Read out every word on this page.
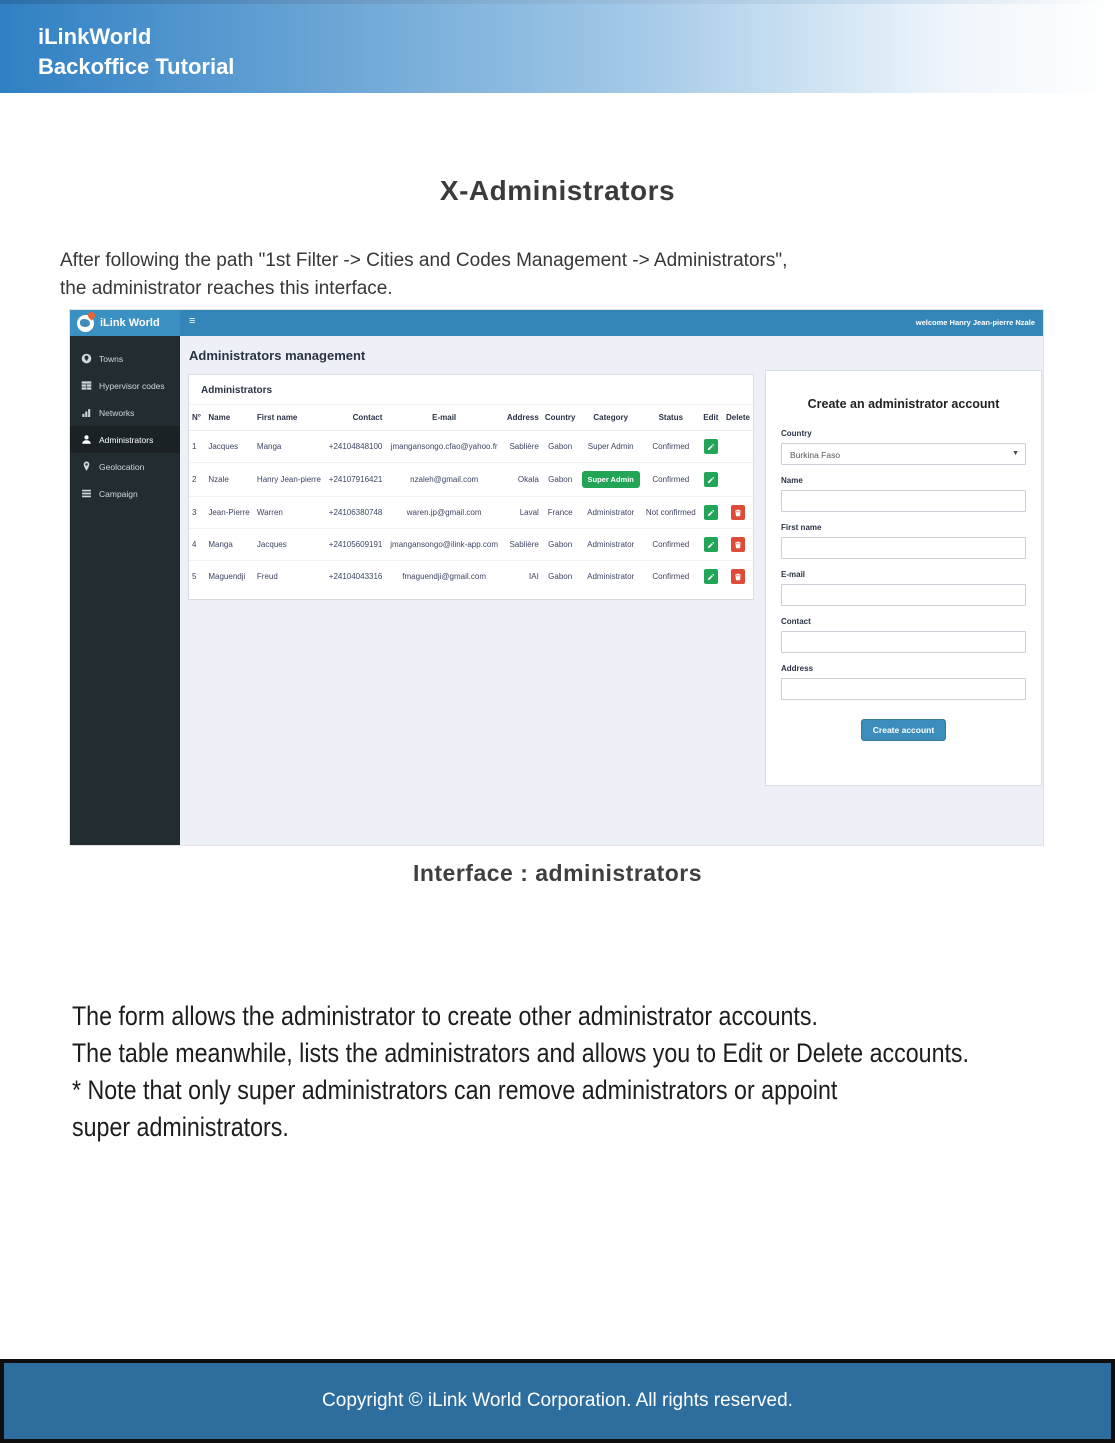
iLinkWorld
Backoffice Tutorial
X-Administrators
After following the path "1st Filter -> Cities and Codes Management -> Administrators",
the administrator reaches this interface.
iLink World	≡	welcome Hanry Jean-pierre Nzale
Towns
Hypervisor codes
Networks
Administrators
Geolocation
Campaign
Administrators management
Administrators
N°	Name	First name	Contact	E-mail	Address	Country	Category	Status	Edit	Delete
1	Jacques	Manga	+24104848100	jmangansongo.cfao@yahoo.fr	Sablière	Gabon	Super Admin	Confirmed	

2	Nzale	Hanry Jean-pierre	+24107916421	nzaleh@gmail.com	Okala	Gabon	Super Admin	Confirmed	

3	Jean-Pierre	Warren	+24106380748	waren.jp@gmail.com	Laval	France	Administrator	Not confirmed	

4	Manga	Jacques	+24105609191	jmangansongo@ilink-app.com	Sablière	Gabon	Administrator	Confirmed	

5	Maguendji	Freud	+24104043316	fmaguendji@gmail.com	IAI	Gabon	Administrator	Confirmed	

Create an administrator account
Country
Burkina Faso	▼
Name
First name
E-mail
Contact
Address
Create account
Interface : administrators
The form allows the administrator to create other administrator accounts.
The table meanwhile, lists the administrators and allows you to Edit or Delete accounts.
* Note that only super administrators can remove administrators or appoint
super administrators.
Copyright © iLink World Corporation. All rights reserved.
